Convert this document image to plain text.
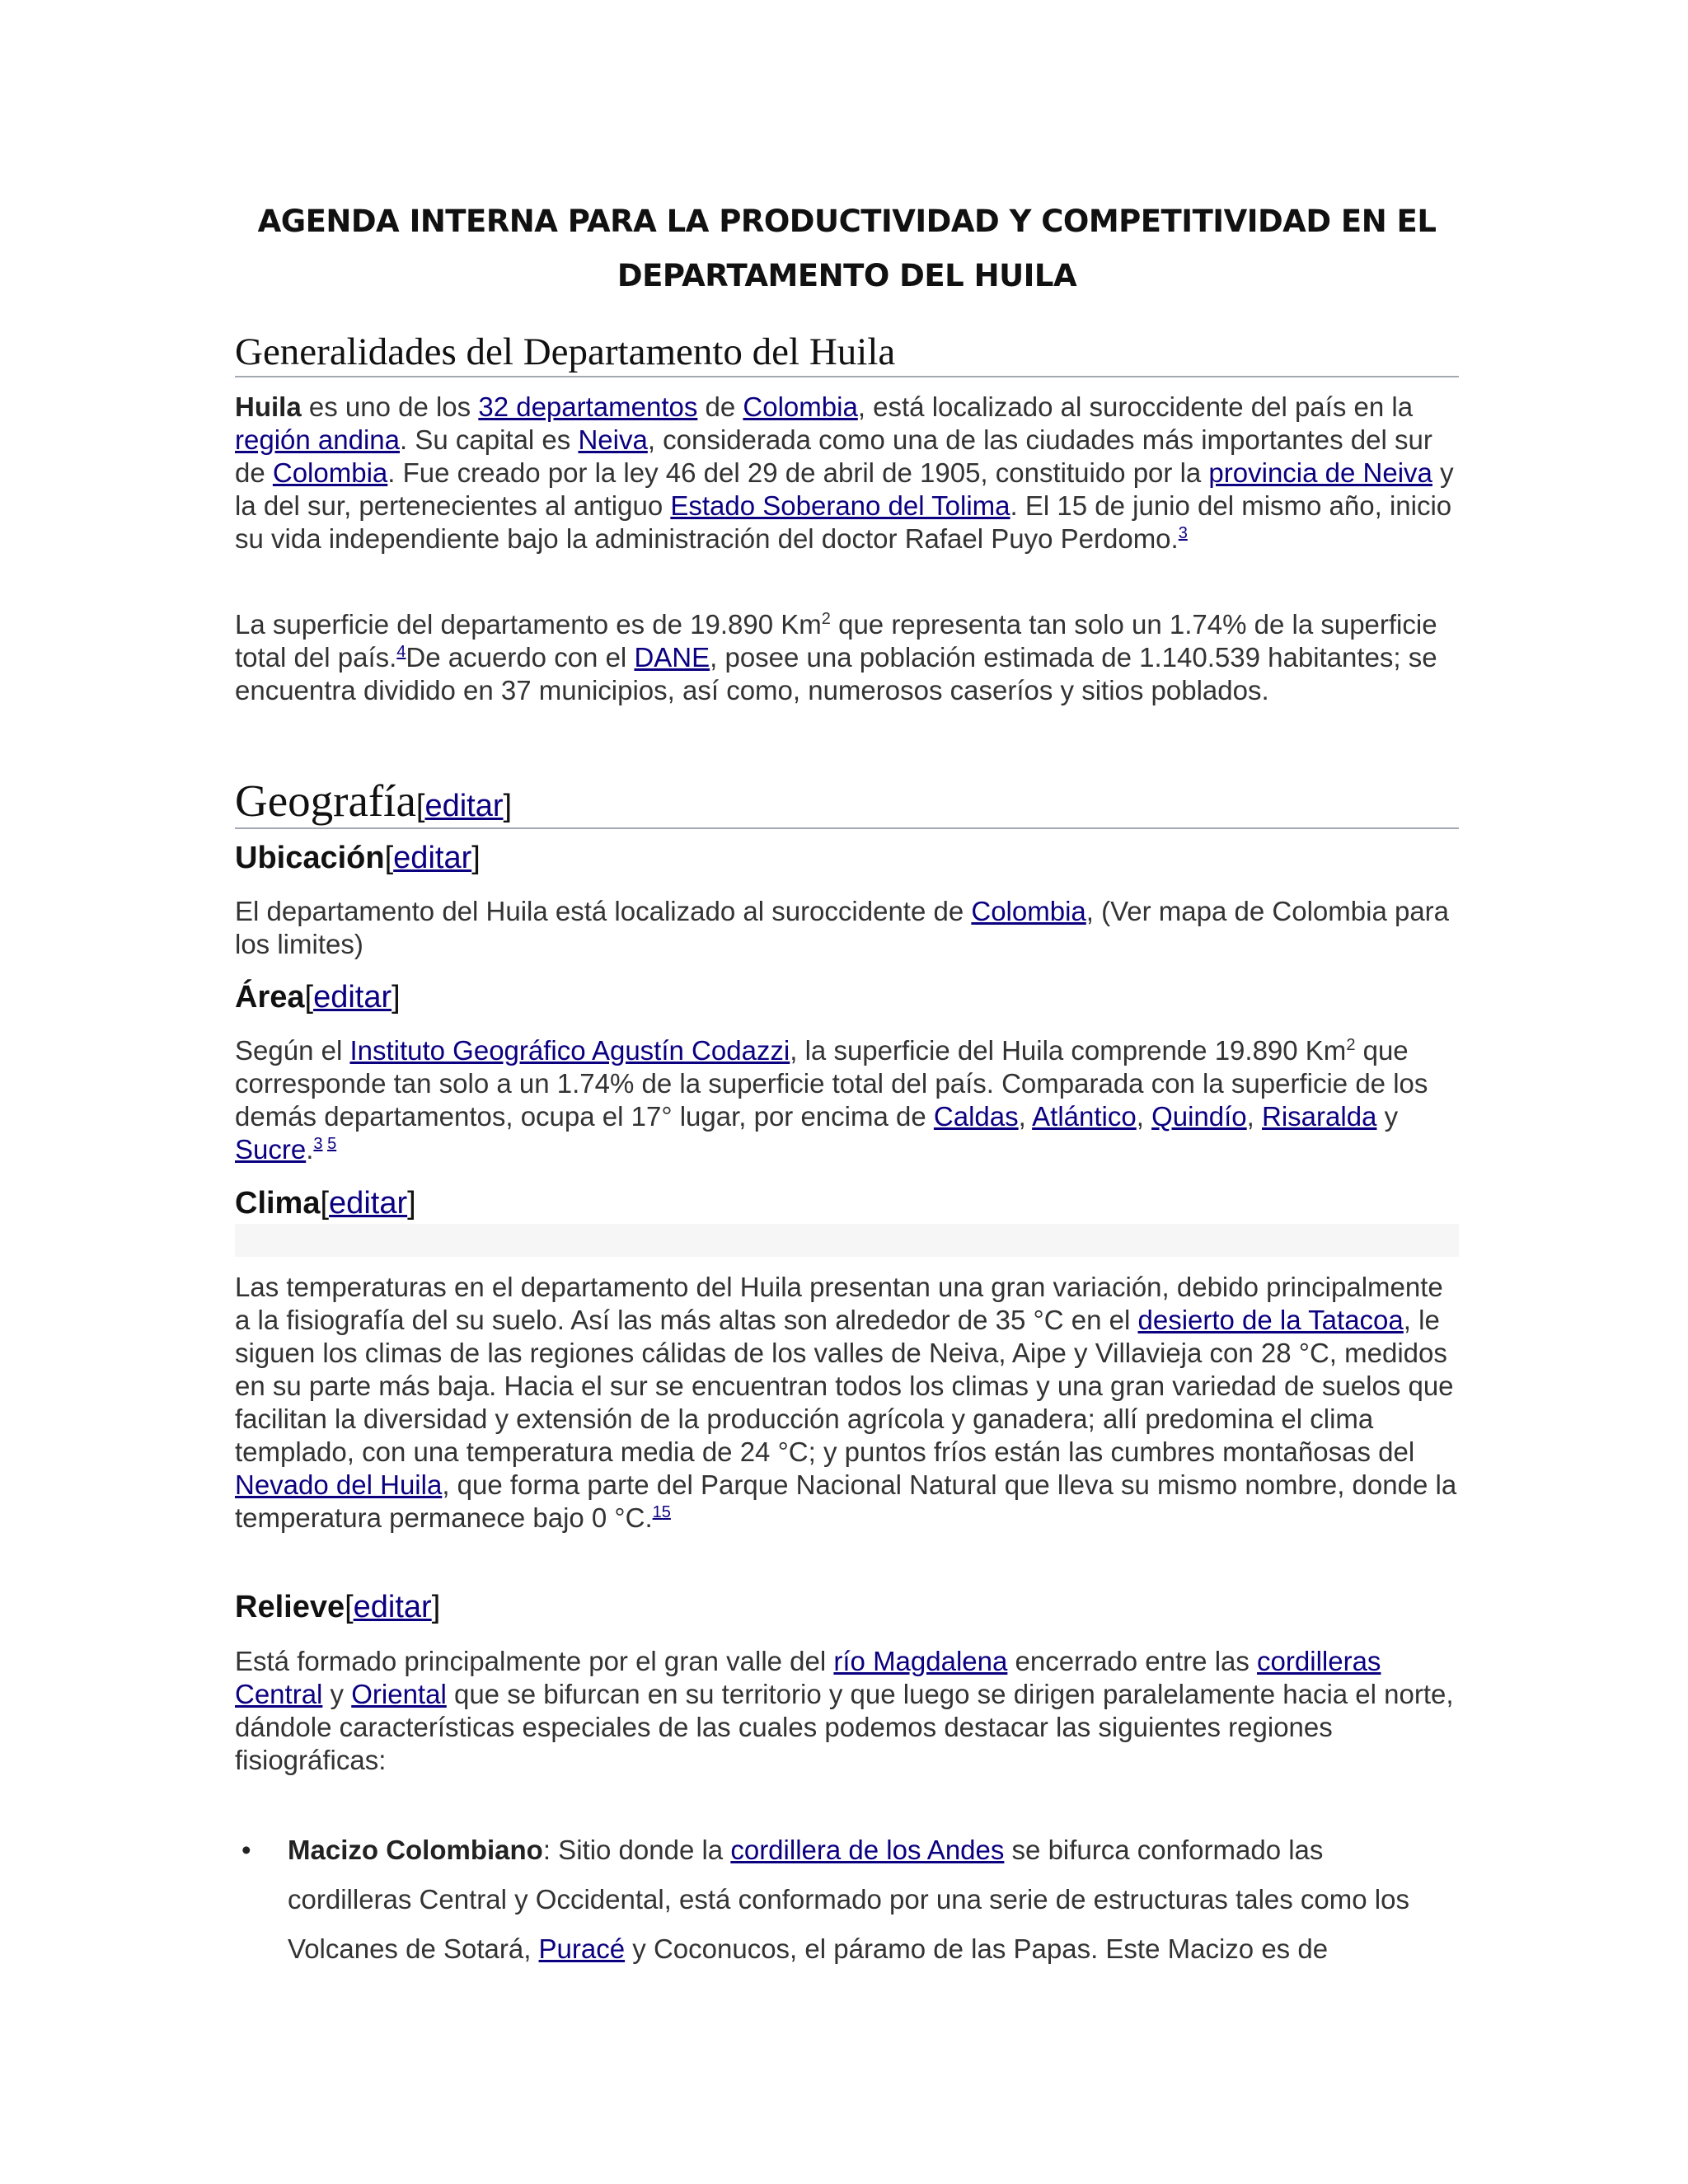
AGENDA INTERNA PARA LA PRODUCTIVIDAD Y COMPETITIVIDAD EN EL DEPARTAMENTO DEL HUILA
Generalidades del Departamento del Huila
Huila es uno de los 32 departamentos de Colombia, está localizado al suroccidente del país en la región andina. Su capital es Neiva, considerada como una de las ciudades más importantes del sur de Colombia. Fue creado por la ley 46 del 29 de abril de 1905, constituido por la provincia de Neiva y la del sur, pertenecientes al antiguo Estado Soberano del Tolima. El 15 de junio del mismo año, inicio su vida independiente bajo la administración del doctor Rafael Puyo Perdomo.$^3$
La superficie del departamento es de 19.890 Km$^2$ que representa tan solo un 1.74% de la superficie total del país.$^4$De acuerdo con el DANE, posee una población estimada de 1.140.539 habitantes; se encuentra dividido en 37 municipios, así como, numerosos caseríos y sitios poblados.
Geografía[editar]
Ubicación[editar]
El departamento del Huila está localizado al suroccidente de Colombia, (Ver mapa de Colombia para los limites)
Área[editar]
Según el Instituto Geográfico Agustín Codazzi, la superficie del Huila comprende 19.890 Km$^2$ que corresponde tan solo a un 1.74% de la superficie total del país. Comparada con la superficie de los demás departamentos, ocupa el 17° lugar, por encima de Caldas, Atlántico, Quindío, Risaralda y Sucre.$^3$ $^5$
Clima[editar]
Las temperaturas en el departamento del Huila presentan una gran variación, debido principalmente a la fisiografía del su suelo. Así las más altas son alrededor de 35 °C en el desierto de la Tatacoa, le siguen los climas de las regiones cálidas de los valles de Neiva, Aipe y Villavieja con 28 °C, medidos en su parte más baja. Hacia el sur se encuentran todos los climas y una gran variedad de suelos que facilitan la diversidad y extensión de la producción agrícola y ganadera; allí predomina el clima templado, con una temperatura media de 24 °C; y puntos fríos están las cumbres montañosas del Nevado del Huila, que forma parte del Parque Nacional Natural que lleva su mismo nombre, donde la temperatura permanece bajo 0 °C.$^{15}$
Relieve[editar]
Está formado principalmente por el gran valle del río Magdalena encerrado entre las cordilleras Central y Oriental que se bifurcan en su territorio y que luego se dirigen paralelamente hacia el norte, dándole características especiales de las cuales podemos destacar las siguientes regiones fisiográficas:
•	Macizo Colombiano: Sitio donde la cordillera de los Andes se bifurca conformado las cordilleras Central y Occidental, está conformado por una serie de estructuras tales como los Volcanes de Sotará, Puracé y Coconucos, el páramo de las Papas. Este Macizo es de
